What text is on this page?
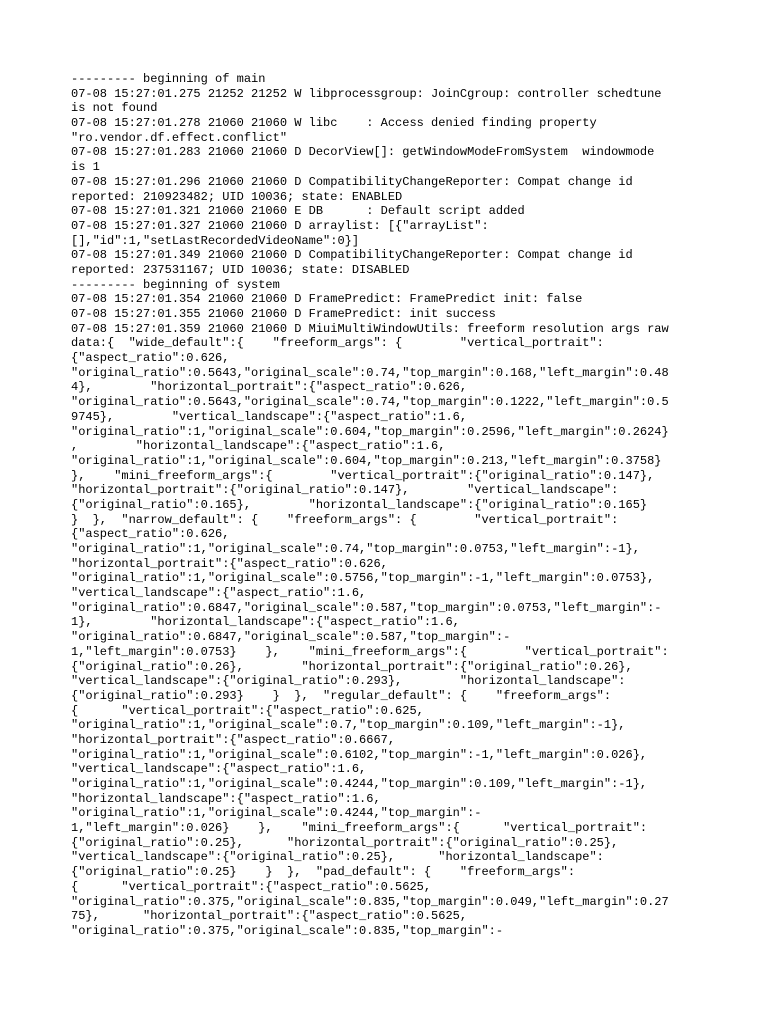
--------- beginning of main
07-08 15:27:01.275 21252 21252 W libprocessgroup: JoinCgroup: controller schedtune
is not found
07-08 15:27:01.278 21060 21060 W libc    : Access denied finding property
"ro.vendor.df.effect.conflict"
07-08 15:27:01.283 21060 21060 D DecorView[]: getWindowModeFromSystem  windowmode
is 1
07-08 15:27:01.296 21060 21060 D CompatibilityChangeReporter: Compat change id
reported: 210923482; UID 10036; state: ENABLED
07-08 15:27:01.321 21060 21060 E DB      : Default script added
07-08 15:27:01.327 21060 21060 D arraylist: [{"arrayList":
[],"id":1,"setLastRecordedVideoName":0}]
07-08 15:27:01.349 21060 21060 D CompatibilityChangeReporter: Compat change id
reported: 237531167; UID 10036; state: DISABLED
--------- beginning of system
07-08 15:27:01.354 21060 21060 D FramePredict: FramePredict init: false
07-08 15:27:01.355 21060 21060 D FramePredict: init success
07-08 15:27:01.359 21060 21060 D MiuiMultiWindowUtils: freeform resolution args raw
data:{  "wide_default":{    "freeform_args": {        "vertical_portrait":
{"aspect_ratio":0.626,
"original_ratio":0.5643,"original_scale":0.74,"top_margin":0.168,"left_margin":0.48
4},        "horizontal_portrait":{"aspect_ratio":0.626,
"original_ratio":0.5643,"original_scale":0.74,"top_margin":0.1222,"left_margin":0.5
9745},        "vertical_landscape":{"aspect_ratio":1.6,
"original_ratio":1,"original_scale":0.604,"top_margin":0.2596,"left_margin":0.2624}
,        "horizontal_landscape":{"aspect_ratio":1.6,
"original_ratio":1,"original_scale":0.604,"top_margin":0.213,"left_margin":0.3758}
},    "mini_freeform_args":{        "vertical_portrait":{"original_ratio":0.147},
"horizontal_portrait":{"original_ratio":0.147},        "vertical_landscape":
{"original_ratio":0.165},        "horizontal_landscape":{"original_ratio":0.165}
}  },  "narrow_default": {    "freeform_args": {        "vertical_portrait":
{"aspect_ratio":0.626,
"original_ratio":1,"original_scale":0.74,"top_margin":0.0753,"left_margin":-1},
"horizontal_portrait":{"aspect_ratio":0.626,
"original_ratio":1,"original_scale":0.5756,"top_margin":-1,"left_margin":0.0753},
"vertical_landscape":{"aspect_ratio":1.6,
"original_ratio":0.6847,"original_scale":0.587,"top_margin":0.0753,"left_margin":-
1},        "horizontal_landscape":{"aspect_ratio":1.6,
"original_ratio":0.6847,"original_scale":0.587,"top_margin":-
1,"left_margin":0.0753}    },    "mini_freeform_args":{        "vertical_portrait":
{"original_ratio":0.26},        "horizontal_portrait":{"original_ratio":0.26},
"vertical_landscape":{"original_ratio":0.293},        "horizontal_landscape":
{"original_ratio":0.293}    }  },  "regular_default": {    "freeform_args":
{      "vertical_portrait":{"aspect_ratio":0.625,
"original_ratio":1,"original_scale":0.7,"top_margin":0.109,"left_margin":-1},
"horizontal_portrait":{"aspect_ratio":0.6667,
"original_ratio":1,"original_scale":0.6102,"top_margin":-1,"left_margin":0.026},
"vertical_landscape":{"aspect_ratio":1.6,
"original_ratio":1,"original_scale":0.4244,"top_margin":0.109,"left_margin":-1},
"horizontal_landscape":{"aspect_ratio":1.6,
"original_ratio":1,"original_scale":0.4244,"top_margin":-
1,"left_margin":0.026}    },    "mini_freeform_args":{      "vertical_portrait":
{"original_ratio":0.25},      "horizontal_portrait":{"original_ratio":0.25},
"vertical_landscape":{"original_ratio":0.25},      "horizontal_landscape":
{"original_ratio":0.25}    }  },  "pad_default": {    "freeform_args":
{      "vertical_portrait":{"aspect_ratio":0.5625,
"original_ratio":0.375,"original_scale":0.835,"top_margin":0.049,"left_margin":0.27
75},      "horizontal_portrait":{"aspect_ratio":0.5625,
"original_ratio":0.375,"original_scale":0.835,"top_margin":-
